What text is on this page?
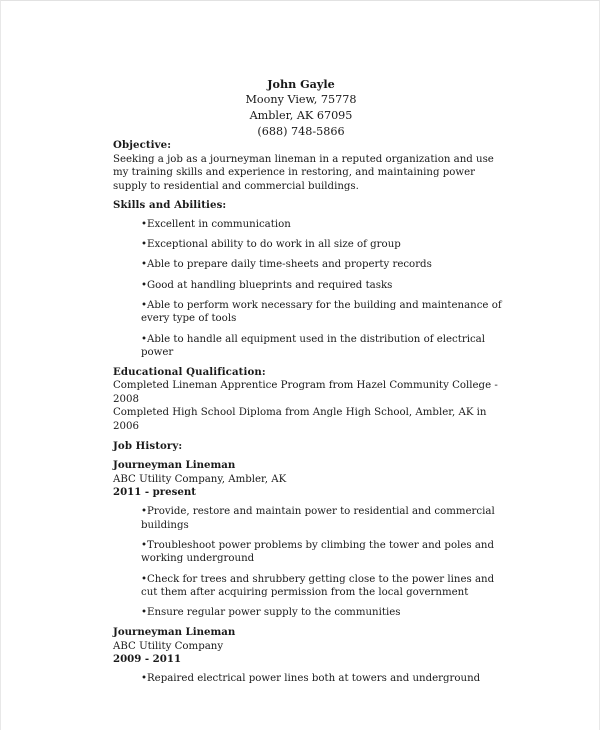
John Gayle
Moony View, 75778
Ambler, AK 67095
(688) 748-5866
Objective:

Seeking a job as a journeyman lineman in a reputed organization and use my training skills and experience in restoring, and maintaining power supply to residential and commercial buildings.

Skills and Abilities:
•Excellent in communication
•Exceptional ability to do work in all size of group
•Able to prepare daily time-sheets and property records
•Good at handling blueprints and required tasks
•Able to perform work necessary for the building and maintenance of every type of tools
•Able to handle all equipment used in the distribution of electrical power
Educational Qualification:

Completed Lineman Apprentice Program from Hazel Community College - 2008

Completed High School Diploma from Angle High School, Ambler, AK in 2006

Job History:
Journeyman Lineman
ABC Utility Company, Ambler, AK
2011 - present
•Provide, restore and maintain power to residential and commercial buildings
•Troubleshoot power problems by climbing the tower and poles and working underground
•Check for trees and shrubbery getting close to the power lines and cut them after acquiring permission from the local government
•Ensure regular power supply to the communities
Journeyman Lineman
ABC Utility Company
2009 - 2011
•Repaired electrical power lines both at towers and underground
